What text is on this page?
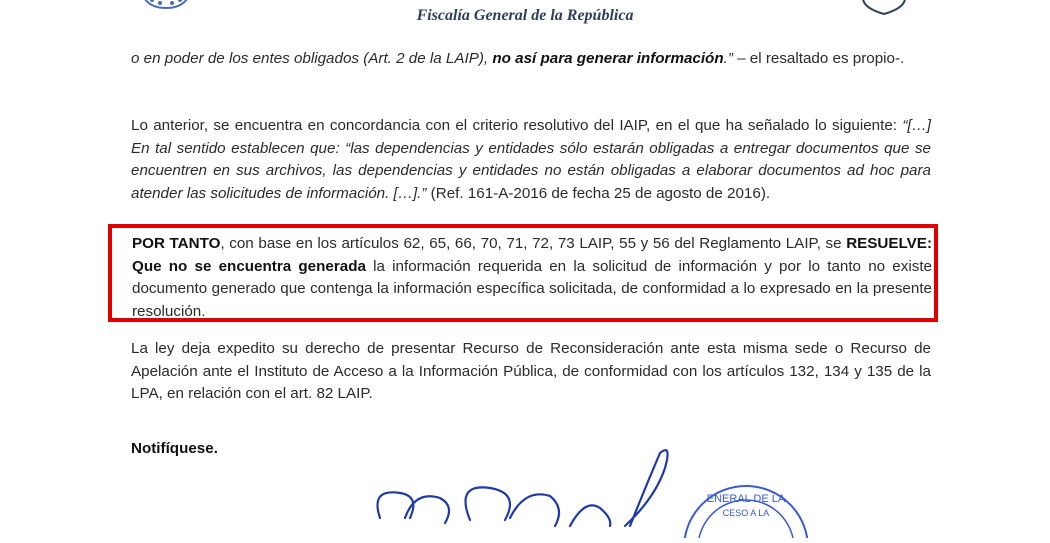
Fiscalía General de la República

o en poder de los entes obligados (Art. 2 de la LAIP), no así para generar información.” – el resaltado es propio-.

Lo anterior, se encuentra en concordancia con el criterio resolutivo del IAIP, en el que ha señalado lo siguiente: “[…] En tal sentido establecen que: “las dependencias y entidades sólo estarán obligadas a entregar documentos que se encuentren en sus archivos, las dependencias y entidades no están obligadas a elaborar documentos ad hoc para atender las solicitudes de información. […].” (Ref. 161-A-2016 de fecha 25 de agosto de 2016).

POR TANTO, con base en los artículos 62, 65, 66, 70, 71, 72, 73 LAIP, 55 y 56 del Reglamento LAIP, se RESUELVE: Que no se encuentra generada la información requerida en la solicitud de información y por lo tanto no existe documento generado que contenga la información específica solicitada, de conformidad a lo expresado en la presente resolución.

La ley deja expedito su derecho de presentar Recurso de Reconsideración ante esta misma sede o Recurso de Apelación ante el Instituto de Acceso a la Información Pública, de conformidad con los artículos 132, 134 y 135 de la LPA, en relación con el art. 82 LAIP.

Notifíquese.
ENERAL DE LA
CESO A LA
